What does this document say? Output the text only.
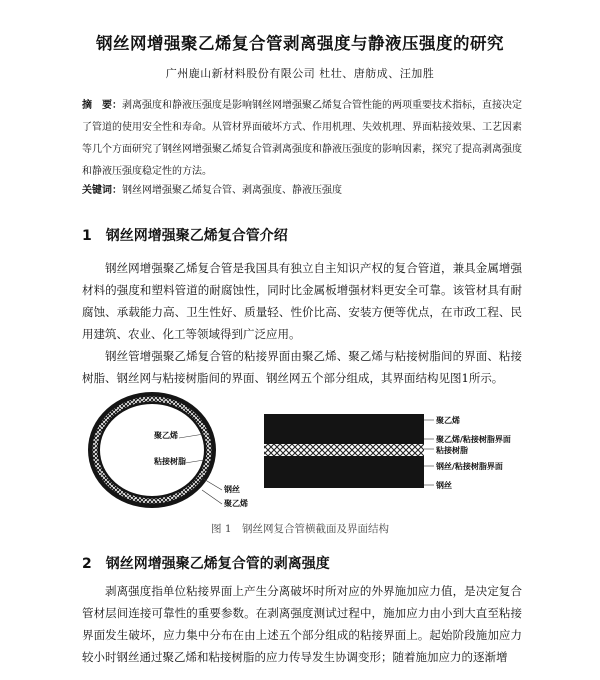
钢丝网增强聚乙烯复合管剥离强度与静液压强度的研究
广州鹿山新材料股份有限公司 杜壮、唐舫成、汪加胜
摘　要：剥离强度和静液压强度是影响钢丝网增强聚乙烯复合管性能的两项重要技术指标，直接决定了管道的使用安全性和寿命。从管材界面破坏方式、作用机理、失效机理、界面粘接效果、工艺因素等几个方面研究了钢丝网增强聚乙烯复合管剥离强度和静液压强度的影响因素，探究了提高剥离强度和静液压强度稳定性的方法。
关键词：钢丝网增强聚乙烯复合管、剥离强度、静液压强度
1　钢丝网增强聚乙烯复合管介绍
钢丝网增强聚乙烯复合管是我国具有独立自主知识产权的复合管道，兼具金属增强材料的强度和塑料管道的耐腐蚀性，同时比金属板增强材料更安全可靠。该管材具有耐腐蚀、承载能力高、卫生性好、质量轻、性价比高、安装方便等优点，在市政工程、民用建筑、农业、化工等领域得到广泛应用。
钢丝管增强聚乙烯复合管的粘接界面由聚乙烯、聚乙烯与粘接树脂间的界面、粘接树脂、钢丝网与粘接树脂间的界面、钢丝网五个部分组成，其界面结构见图1所示。
聚乙烯
粘接树脂
钢丝
聚乙烯
聚乙烯
聚乙烯/粘接树脂界面
粘接树脂
钢丝/粘接树脂界面
钢丝
图 1　钢丝网复合管横截面及界面结构
2　钢丝网增强聚乙烯复合管的剥离强度
剥离强度指单位粘接界面上产生分离破坏时所对应的外界施加应力值，是决定复合管材层间连接可靠性的重要参数。在剥离强度测试过程中，施加应力由小到大直至粘接界面发生破坏，应力集中分布在由上述五个部分组成的粘接界面上。起始阶段施加应力较小时钢丝通过聚乙烯和粘接树脂的应力传导发生协调变形；随着施加应力的逐渐增
